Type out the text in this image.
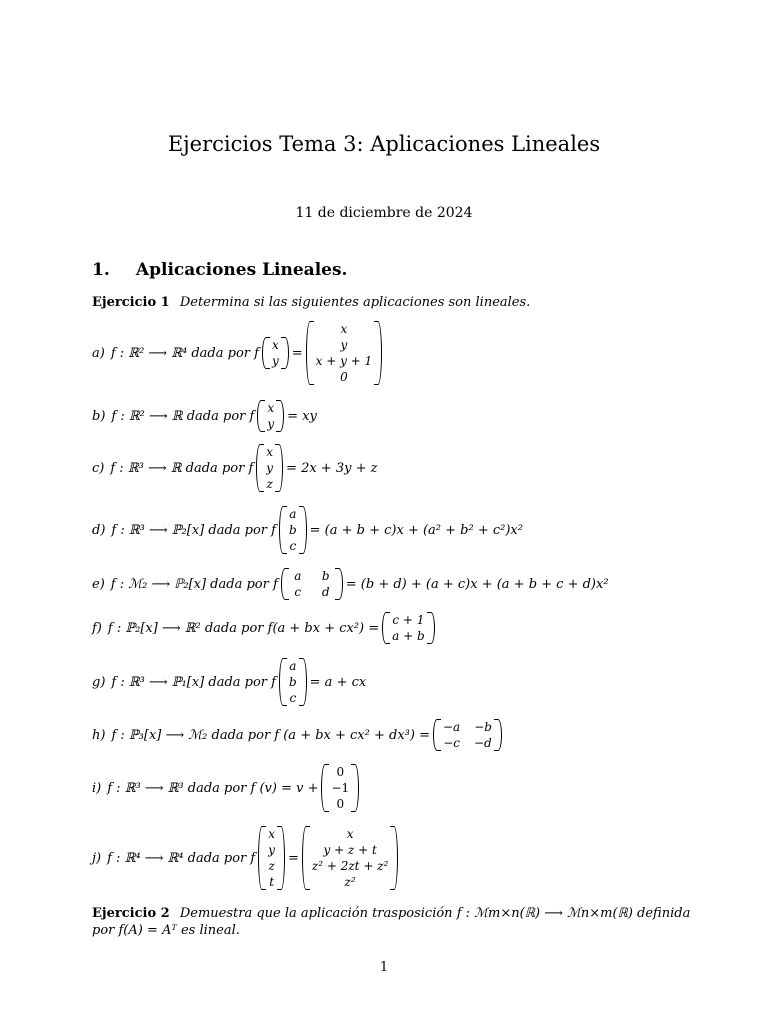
Ejercicios Tema 3: Aplicaciones Lineales
11 de diciembre de 2024
1. Aplicaciones Lineales.
Ejercicio 1 Determina si las siguientes aplicaciones son lineales.
a) f : ℝ² ⟶ ℝ⁴ dada por f
x
y
=
x
y
x + y + 1
0
b) f : ℝ² ⟶ ℝ dada por f
x
y
= xy
c) f : ℝ³ ⟶ ℝ dada por f
x
y
z
= 2x + 3y + z
d) f : ℝ³ ⟶ ℙ₂[x] dada por f
a
b
c
= (a + b + c)x + (a² + b² + c²)x²
e) f : ℳ₂ ⟶ ℙ₂[x] dada por f
a b
c	d
= (b + d) + (a + c)x + (a + b + c + d)x²
f) f : ℙ₂[x] ⟶ ℝ² dada por f(a + bx + cx²) =
c + 1
a + b
g) f : ℝ³ ⟶ ℙ₁[x] dada por f
a
b
c
= a + cx
h) f : ℙ₃[x] ⟶ ℳ₂ dada por f (a + bx + cx² + dx³) =
−a −b
−c −d
i) f : ℝ³ ⟶ ℝ³ dada por f (v) = v +
0
−1
0
j) f : ℝ⁴ ⟶ ℝ⁴ dada por f
x
y
z
t
=
x
y + z + t
z² + 2zt + z²
z²
Ejercicio 2 Demuestra que la aplicación trasposición f : ℳm×n(ℝ) ⟶ ℳn×m(ℝ) definida por f(A) = Aᵀ es lineal.
1
